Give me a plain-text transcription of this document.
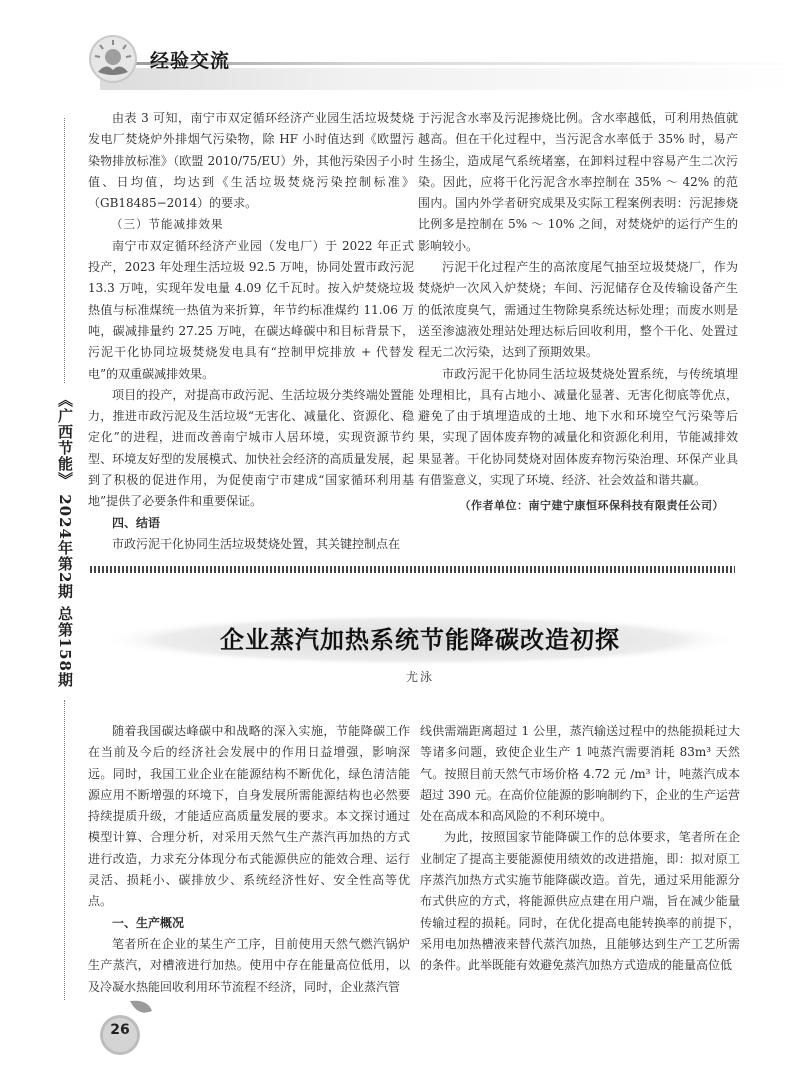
经验交流
《广西节能》 2024年第2期 总第158期

由表 3 可知，南宁市双定循环经济产业园生活垃圾焚烧发电厂焚烧炉外排烟气污染物，除 HF 小时值达到《欧盟污染物排放标准》（欧盟 2010/75/EU）外，其他污染因子小时值、日均值，均达到《生活垃圾焚烧污染控制标准》（GB18485−2014）的要求。

（三）节能减排效果

南宁市双定循环经济产业园（发电厂）于 2022 年正式投产，2023 年处理生活垃圾 92.5 万吨，协同处置市政污泥 13.3 万吨，实现年发电量 4.09 亿千瓦时。按入炉焚烧垃圾热值与标准煤统一热值为来折算，年节约标准煤约 11.06 万吨，碳减排量约 27.25 万吨，在碳达峰碳中和目标背景下，污泥干化协同垃圾焚烧发电具有“控制甲烷排放 + 代替发电”的双重碳减排效果。

项目的投产，对提高市政污泥、生活垃圾分类终端处置能力，推进市政污泥及生活垃圾“无害化、减量化、资源化、稳定化”的进程，进而改善南宁城市人居环境，实现资源节约型、环境友好型的发展模式、加快社会经济的高质量发展，起到了积极的促进作用，为促使南宁市建成“国家循环利用基地”提供了必要条件和重要保证。

四、结语

市政污泥干化协同生活垃圾焚烧处置，其关键控制点在

于污泥含水率及污泥掺烧比例。含水率越低，可利用热值就越高。但在干化过程中，当污泥含水率低于 35% 时，易产生扬尘，造成尾气系统堵塞，在卸料过程中容易产生二次污染。因此，应将干化污泥含水率控制在 35% ～ 42% 的范围内。国内外学者研究成果及实际工程案例表明：污泥掺烧比例多是控制在 5% ～ 10% 之间，对焚烧炉的运行产生的影响较小。

污泥干化过程产生的高浓度尾气抽至垃圾焚烧厂，作为焚烧炉一次风入炉焚烧；车间、污泥储存仓及传输设备产生的低浓度臭气，需通过生物除臭系统达标处理；而废水则是送至渗滤液处理站处理达标后回收利用，整个干化、处置过程无二次污染，达到了预期效果。

市政污泥干化协同生活垃圾焚烧处置系统，与传统填埋处理相比，具有占地小、减量化显著、无害化彻底等优点，避免了由于填埋造成的土地、地下水和环境空气污染等后果，实现了固体废弃物的减量化和资源化利用，节能减排效果显著。干化协同焚烧对固体废弃物污染治理、环保产业具有借鉴意义，实现了环境、经济、社会效益和谐共赢。

（作者单位：南宁建宁康恒环保科技有限责任公司）
企业蒸汽加热系统节能降碳改造初探
尤泳

随着我国碳达峰碳中和战略的深入实施，节能降碳工作在当前及今后的经济社会发展中的作用日益增强，影响深远。同时，我国工业企业在能源结构不断优化，绿色清洁能源应用不断增强的环境下，自身发展所需能源结构也必然要持续提质升级，才能适应高质量发展的要求。本文探讨通过模型计算、合理分析，对采用天然气生产蒸汽再加热的方式进行改造，力求充分体现分布式能源供应的能效合理、运行灵活、损耗小、碳排放少、系统经济性好、安全性高等优点。

一、生产概况

笔者所在企业的某生产工序，目前使用天然气燃汽锅炉生产蒸汽，对槽液进行加热。使用中存在能量高位低用，以及冷凝水热能回收利用环节流程不经济，同时，企业蒸汽管

线供需端距离超过 1 公里，蒸汽输送过程中的热能损耗过大等诸多问题，致使企业生产 1 吨蒸汽需要消耗 83m³ 天然气。按照目前天然气市场价格 4.72 元 /m³ 计，吨蒸汽成本超过 390 元。在高价位能源的影响制约下，企业的生产运营处在高成本和高风险的不利环境中。

为此，按照国家节能降碳工作的总体要求，笔者所在企业制定了提高主要能源使用绩效的改进措施，即：拟对原工序蒸汽加热方式实施节能降碳改造。首先，通过采用能源分布式供应的方式，将能源供应点建在用户端，旨在减少能量传输过程的损耗。同时，在优化提高电能转换率的前提下，采用电加热槽液来替代蒸汽加热，且能够达到生产工艺所需的条件。此举既能有效避免蒸汽加热方式造成的能量高位低

26
